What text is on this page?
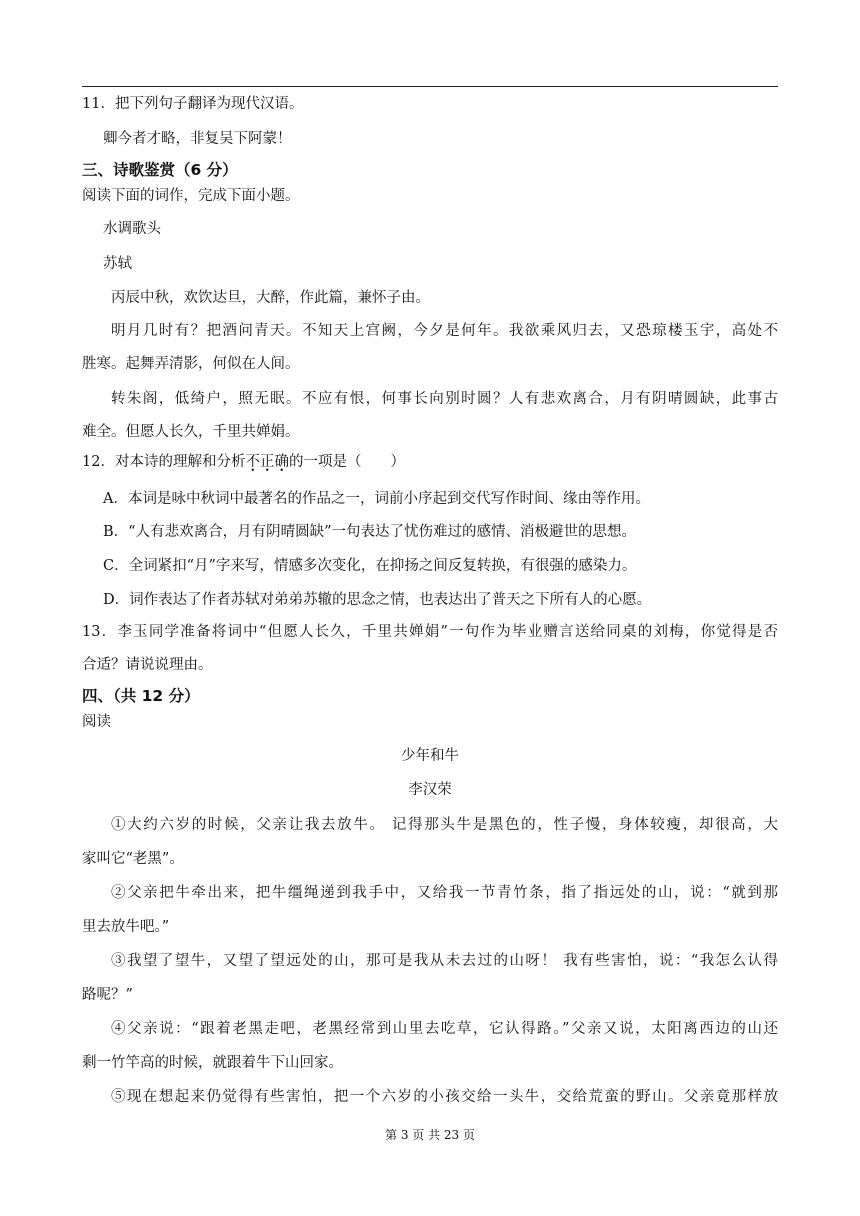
11．把下列句子翻译为现代汉语。
卿今者才略，非复吴下阿蒙！
三、诗歌鉴赏（6 分）
阅读下面的词作，完成下面小题。
水调歌头
苏轼
丙辰中秋，欢饮达旦，大醉，作此篇，兼怀子由。
明月几时有？把酒问青天。不知天上宫阙，今夕是何年。我欲乘风归去，又恐琼楼玉宇，高处不
胜寒。起舞弄清影，何似在人间。
转朱阁，低绮户，照无眠。不应有恨，何事长向别时圆？人有悲欢离合，月有阴晴圆缺，此事古
难全。但愿人长久，千里共婵娟。
12．对本诗的理解和分析不正确的一项是（　　）
A．本词是咏中秋词中最著名的作品之一，词前小序起到交代写作时间、缘由等作用。
B．“人有悲欢离合，月有阴晴圆缺”一句表达了忧伤难过的感情、消极避世的思想。
C．全词紧扣“月”字来写，情感多次变化，在抑扬之间反复转换，有很强的感染力。
D．词作表达了作者苏轼对弟弟苏辙的思念之情，也表达出了普天之下所有人的心愿。
13．李玉同学准备将词中“但愿人长久，千里共婵娟”一句作为毕业赠言送给同桌的刘梅，你觉得是否
合适？请说说理由。
四、（共 12 分）
阅读
少年和牛
李汉荣
①大约六岁的时候，父亲让我去放牛。 记得那头牛是黑色的，性子慢，身体较瘦，却很高，大
家叫它“老黑”。
②父亲把牛牵出来，把牛缰绳递到我手中，又给我一节青竹条，指了指远处的山，说：“就到那
里去放牛吧。”
③我望了望牛，又望了望远处的山，那可是我从未去过的山呀！ 我有些害怕，说：“我怎么认得
路呢？”
④父亲说：“跟着老黑走吧，老黑经常到山里去吃草，它认得路。”父亲又说，太阳离西边的山还
剩一竹竿高的时候，就跟着牛下山回家。
⑤现在想起来仍觉得有些害怕，把一个六岁的小孩交给一头牛，交给荒蛮的野山。父亲竟那样放
第 3 页 共 23 页
